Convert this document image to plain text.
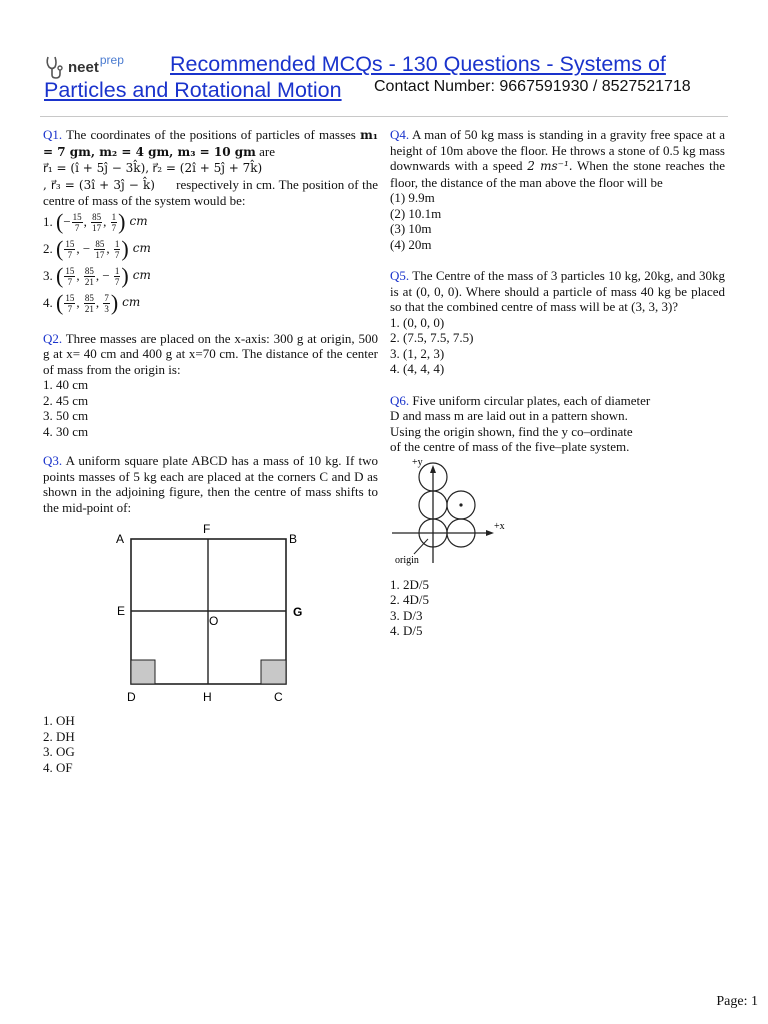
neet prep Recommended MCQs - 130 Questions - Systems of
Particles and Rotational Motion Contact Number: 9667591930 / 8527521718

Q1. The coordinates of the positions of particles of masses m₁ = 7 gm, m₂ = 4 gm, m₃ = 10 gm are

r⃗₁ = (î + 5ĵ − 3k̂), r⃗₂ = (2î + 5ĵ + 7k̂)

, r⃗₃ = (3î + 3ĵ − k̂) respectively in cm. The position of the centre of mass of the system would be:

1.
( − $\frac{15}{7}$ , $\frac{85}{17}$ , $\frac{1}{7}$ ) cm
2.
( $\frac{15}{7}$ , − $\frac{85}{17}$ , $\frac{1}{7}$ ) cm
3.
( $\frac{15}{7}$ , $\frac{85}{21}$ , − $\frac{1}{7}$ ) cm
4.
( $\frac{15}{7}$ , $\frac{85}{21}$ , $\frac{7}{3}$ ) cm

Q2. Three masses are placed on the x-axis: 300 g at origin, 500 g at x= 40 cm and 400 g at x=70 cm. The distance of the center of mass from the origin is:

1. 40 cm

2. 45 cm

3. 50 cm

4. 30 cm

Q3. A uniform square plate ABCD has a mass of 10 kg. If two points masses of 5 kg each are placed at the corners C and D as shown in the adjoining figure, then the centre of mass shifts to the mid-point of:

A
F
B
E
O
G
D	H	C

1. OH

2. DH

3. OG

4. OF

Q4. A man of 50 kg mass is standing in a gravity free space at a height of 10m above the floor. He throws a stone of 0.5 kg mass downwards with a speed 2 ms⁻¹. When the stone reaches the floor, the distance of the man above the floor will be

(1) 9.9m

(2) 10.1m

(3) 10m

(4) 20m

Q5. The Centre of the mass of 3 particles 10 kg, 20kg, and 30kg is at (0, 0, 0). Where should a particle of mass 40 kg be placed so that the combined centre of mass will be at (3, 3, 3)?

1. (0, 0, 0)

2. (7.5, 7.5, 7.5)

3. (1, 2, 3)

4. (4, 4, 4)

Q6. Five uniform circular plates, each of diameter

D and mass m are laid out in a pattern shown.

Using the origin shown, find the y co–ordinate

of the centre of mass of the five–plate system.

+y
+x
origin

1. 2D/5

2. 4D/5

3. D/3

4. D/5

Page: 1
